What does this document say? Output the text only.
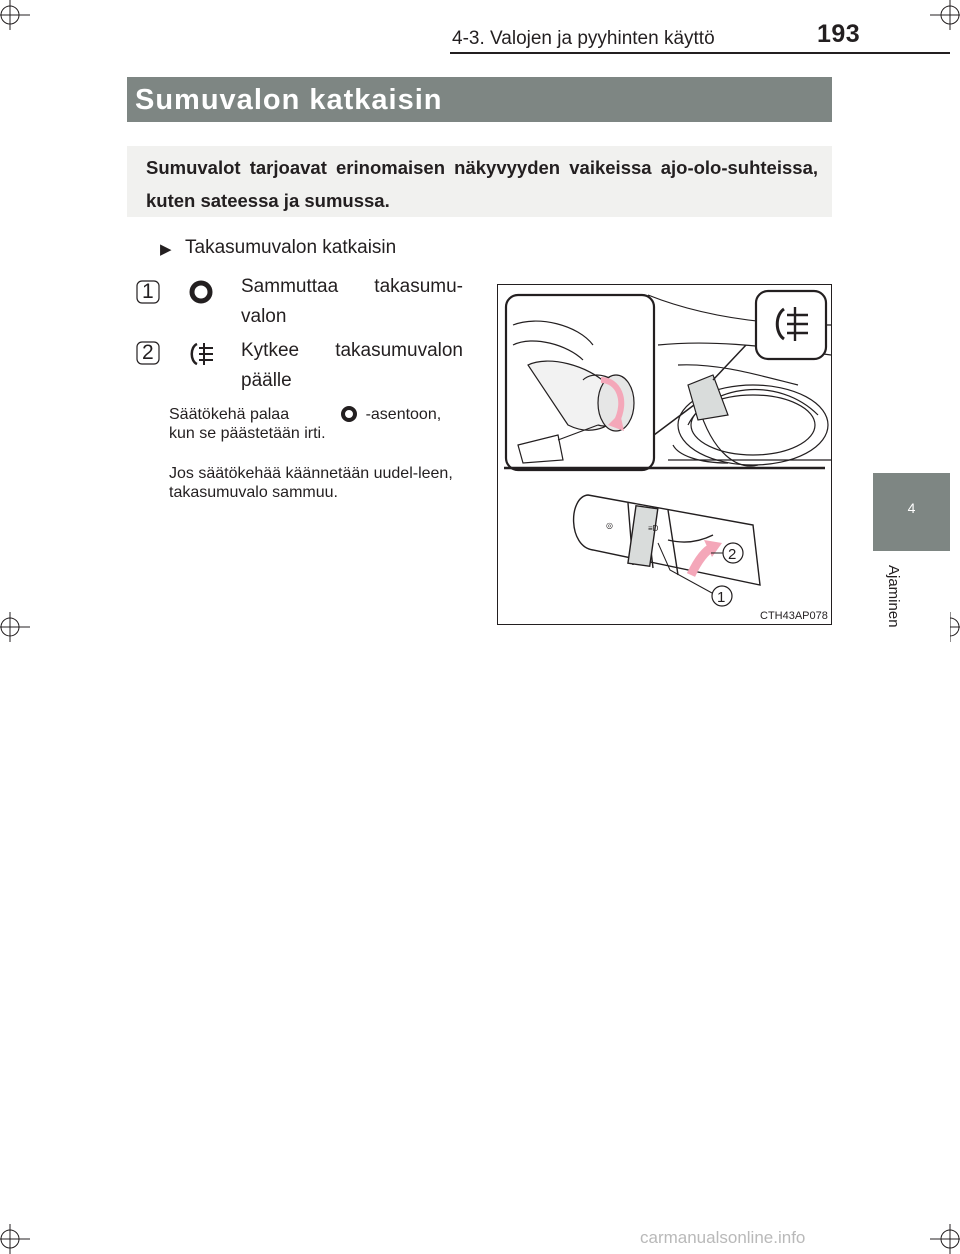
4-3. Valojen ja pyyhinten käyttö	193
4
Ajaminen
Sumuvalon katkaisin
Sumuvalot tarjoavat erinomaisen näkyvyyden vaikeissa ajo-olo-suhteissa, kuten sateessa ja sumussa.
▶ Takasumuvalon katkaisin
1	Sammuttaa takasumu-valon
2	Kytkee takasumuvalon päälle
Säätökehä palaa	-asentoon, kun se päästetään irti.
Jos säätökehää käännetään uudel-leen, takasumuvalo sammuu.
◎	≡D
2
1
CTH43AP078
carmanualsonline.info
